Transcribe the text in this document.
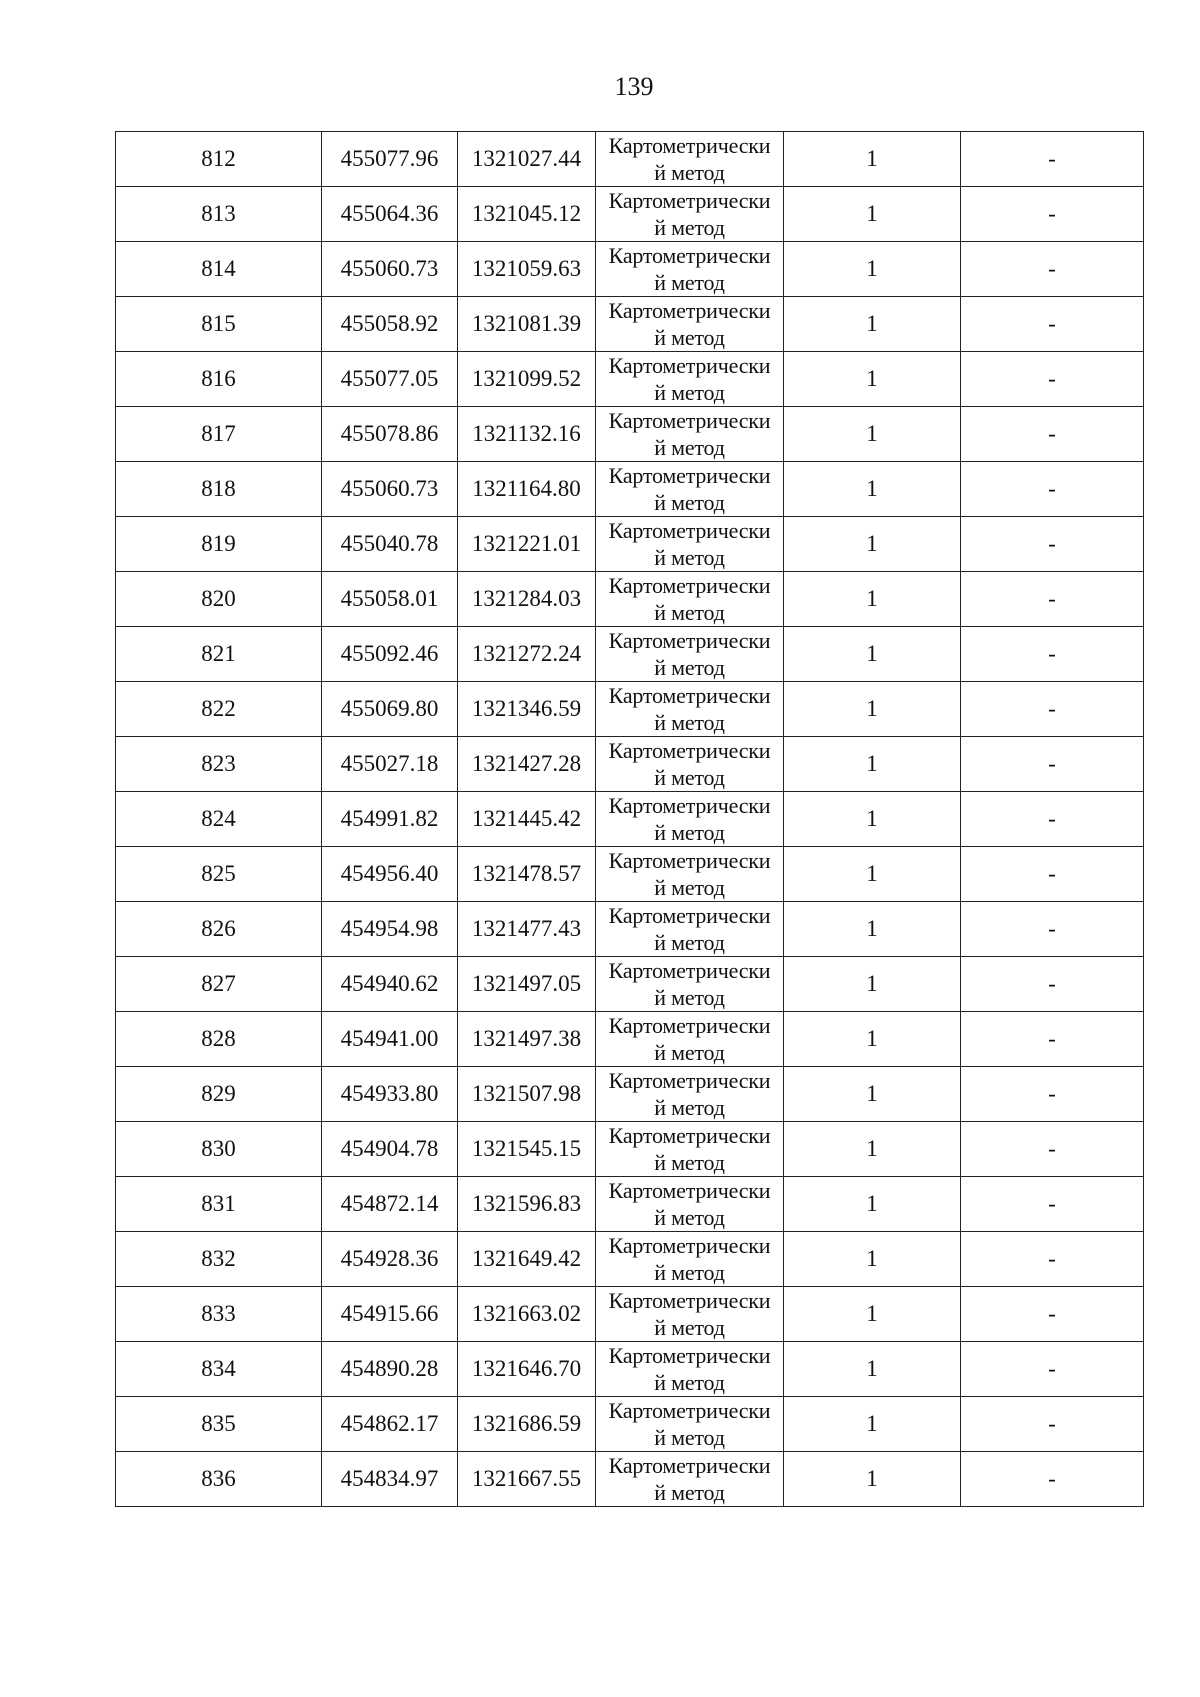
139
812	455077.96	1321027.44	Картометрически
й метод	1	-
813	455064.36	1321045.12	Картометрически
й метод	1	-
814	455060.73	1321059.63	Картометрически
й метод	1	-
815	455058.92	1321081.39	Картометрически
й метод	1	-
816	455077.05	1321099.52	Картометрически
й метод	1	-
817	455078.86	1321132.16	Картометрически
й метод	1	-
818	455060.73	1321164.80	Картометрически
й метод	1	-
819	455040.78	1321221.01	Картометрически
й метод	1	-
820	455058.01	1321284.03	Картометрически
й метод	1	-
821	455092.46	1321272.24	Картометрически
й метод	1	-
822	455069.80	1321346.59	Картометрически
й метод	1	-
823	455027.18	1321427.28	Картометрически
й метод	1	-
824	454991.82	1321445.42	Картометрически
й метод	1	-
825	454956.40	1321478.57	Картометрически
й метод	1	-
826	454954.98	1321477.43	Картометрически
й метод	1	-
827	454940.62	1321497.05	Картометрически
й метод	1	-
828	454941.00	1321497.38	Картометрически
й метод	1	-
829	454933.80	1321507.98	Картометрически
й метод	1	-
830	454904.78	1321545.15	Картометрически
й метод	1	-
831	454872.14	1321596.83	Картометрически
й метод	1	-
832	454928.36	1321649.42	Картометрически
й метод	1	-
833	454915.66	1321663.02	Картометрически
й метод	1	-
834	454890.28	1321646.70	Картометрически
й метод	1	-
835	454862.17	1321686.59	Картометрически
й метод	1	-
836	454834.97	1321667.55	Картометрически
й метод	1	-
